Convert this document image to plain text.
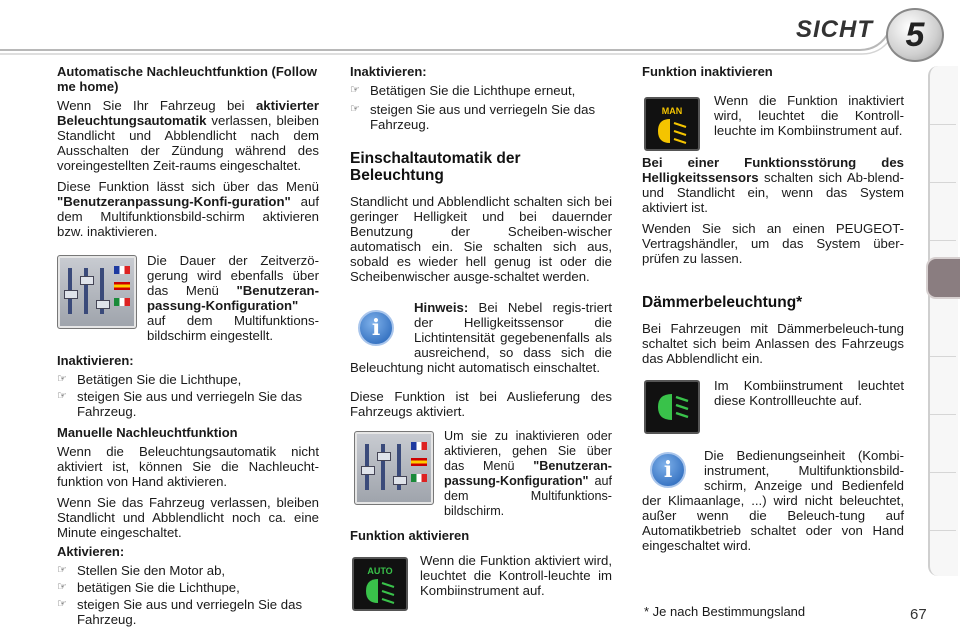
SICHT 5
Automatische Nachleuchtfunktion (Follow me home)

Wenn Sie Ihr Fahrzeug bei aktivierter Beleuchtungsautomatik verlassen, bleiben Standlicht und Abblendlicht nach dem Ausschalten der Zündung während des voreingestellten Zeit-raums eingeschaltet.

Diese Funktion lässt sich über das Menü "Benutzeranpassung-Konfi-guration" auf dem Multifunktionsbild-schirm aktivieren bzw. inaktivieren.

Die Dauer der Zeitverzö-gerung wird ebenfalls über das Menü "Benutzeran-passung-Konfiguration" auf dem Multifunktions-bildschirm eingestellt.

Inaktivieren:
☞ Betätigen Sie die Lichthupe,
☞ steigen Sie aus und verriegeln Sie das Fahrzeug.
Manuelle Nachleuchtfunktion

Wenn die Beleuchtungsautomatik nicht aktiviert ist, können Sie die Nachleucht-funktion von Hand aktivieren.

Wenn Sie das Fahrzeug verlassen, bleiben Standlicht und Abblendlicht noch ca. eine Minute eingeschaltet.

Aktivieren:
☞ Stellen Sie den Motor ab,
☞ betätigen Sie die Lichthupe,
☞ steigen Sie aus und verriegeln Sie das Fahrzeug.
Inaktivieren:
☞ Betätigen Sie die Lichthupe erneut,
☞ steigen Sie aus und verriegeln Sie das Fahrzeug.
Einschaltautomatik der Beleuchtung

Standlicht und Abblendlicht schalten sich bei geringer Helligkeit und bei dauernder Benutzung der Scheiben-wischer automatisch ein. Sie schalten sich aus, sobald es wieder hell genug ist oder die Scheibenwischer ausge-schaltet werden.

i

Hinweis: Bei Nebel regis-triert der Helligkeitssensor die Lichtintensität gegebenenfalls als ausreichend, so dass sich die Beleuchtung nicht automatisch einschaltet.

Diese Funktion ist bei Auslieferung des Fahrzeugs aktiviert.

Um sie zu inaktivieren oder aktivieren, gehen Sie über das Menü "Benutzeran-passung-Konfiguration" auf dem Multifunktions-bildschirm.

Funktion aktivieren
AUTO

Wenn die Funktion aktiviert wird, leuchtet die Kontroll-leuchte im Kombiinstrument auf.

Funktion inaktivieren
MAN

Wenn die Funktion inaktiviert wird, leuchtet die Kontroll-leuchte im Kombiinstrument auf.

Bei einer Funktionsstörung des Helligkeitssensors schalten sich Ab-blend- und Standlicht ein, wenn das System aktiviert ist.

Wenden Sie sich an einen PEUGEOT-Vertragshändler, um das System über-prüfen zu lassen.

Dämmerbeleuchtung*

Bei Fahrzeugen mit Dämmerbeleuch-tung schaltet sich beim Anlassen des Fahrzeugs das Abblendlicht ein.

Im Kombiinstrument leuchtet diese Kontrollleuchte auf.

i

Die Bedienungseinheit (Kombi-instrument, Multifunktionsbild-schirm, Anzeige und Bedienfeld der Klimaanlage, ...) wird nicht beleuchtet, außer wenn die Beleuch-tung auf Automatikbetrieb schaltet oder von Hand eingeschaltet wird.

* Je nach Bestimmungsland	67
